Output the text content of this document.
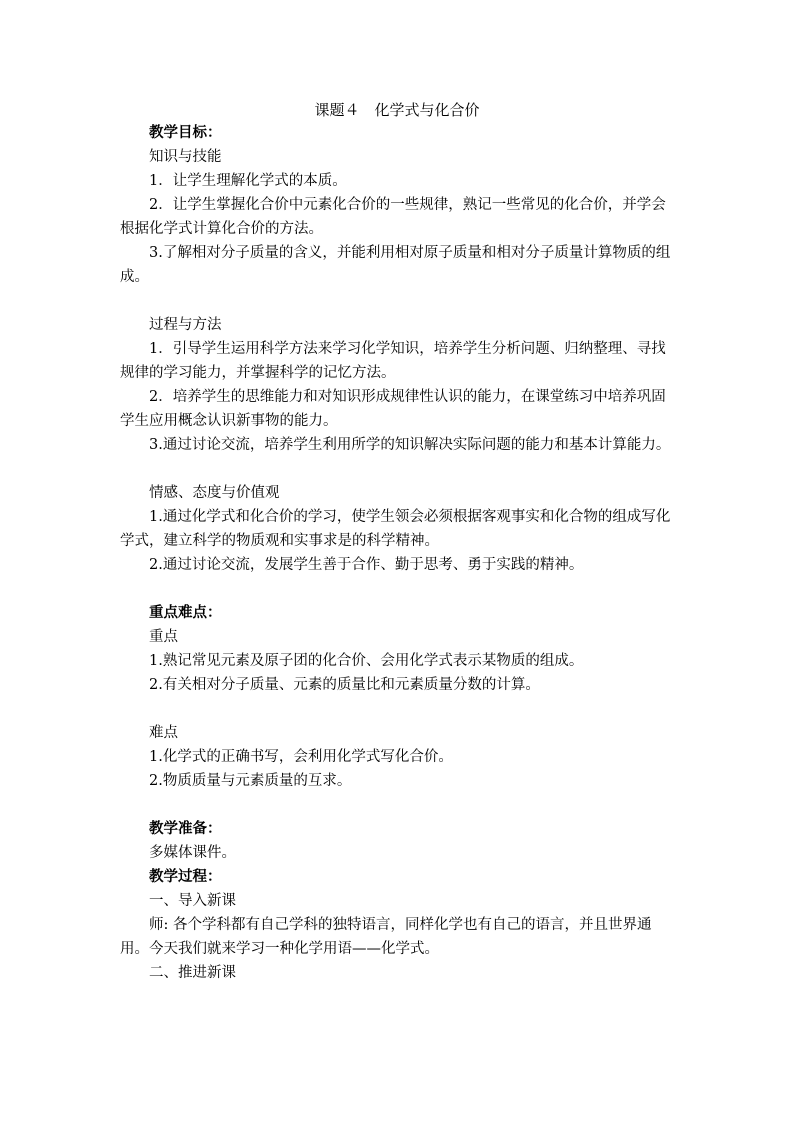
课题４　化学式与化合价

教学目标：

知识与技能

1．让学生理解化学式的本质。

2．让学生掌握化合价中元素化合价的一些规律，熟记一些常见的化合价，并学会根据化学式计算化合价的方法。

3.了解相对分子质量的含义，并能利用相对原子质量和相对分子质量计算物质的组成。

过程与方法

1．引导学生运用科学方法来学习化学知识，培养学生分析问题、归纳整理、寻找规律的学习能力，并掌握科学的记忆方法。

2．培养学生的思维能力和对知识形成规律性认识的能力，在课堂练习中培养巩固学生应用概念认识新事物的能力。

3.通过讨论交流，培养学生利用所学的知识解决实际问题的能力和基本计算能力。

情感、态度与价值观

1.通过化学式和化合价的学习，使学生领会必须根据客观事实和化合物的组成写化学式，建立科学的物质观和实事求是的科学精神。

2.通过讨论交流，发展学生善于合作、勤于思考、勇于实践的精神。

重点难点：

重点

1.熟记常见元素及原子团的化合价、会用化学式表示某物质的组成。

2.有关相对分子质量、元素的质量比和元素质量分数的计算。

难点

1.化学式的正确书写，会利用化学式写化合价。

2.物质质量与元素质量的互求。

教学准备：

多媒体课件。

教学过程：

一、导入新课

师: 各个学科都有自己学科的独特语言，同样化学也有自己的语言，并且世界通用。今天我们就来学习一种化学用语——化学式。

二、推进新课
